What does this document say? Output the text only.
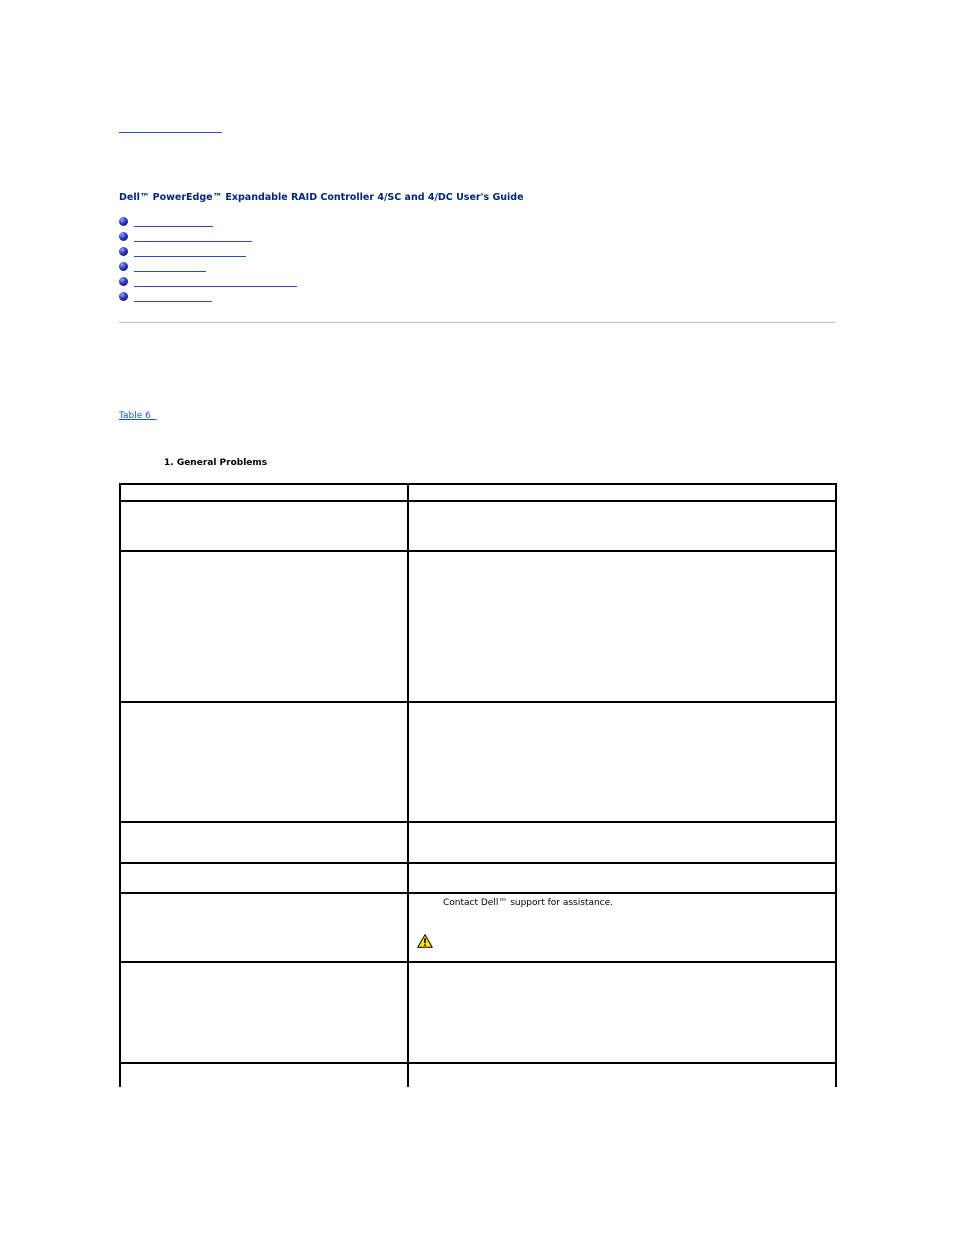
Dell™ PowerEdge™ Expandable RAID Controller 4/SC and 4/DC User's Guide
Table 6

1. General Problems

	Contact Dell™ support for assistance.
